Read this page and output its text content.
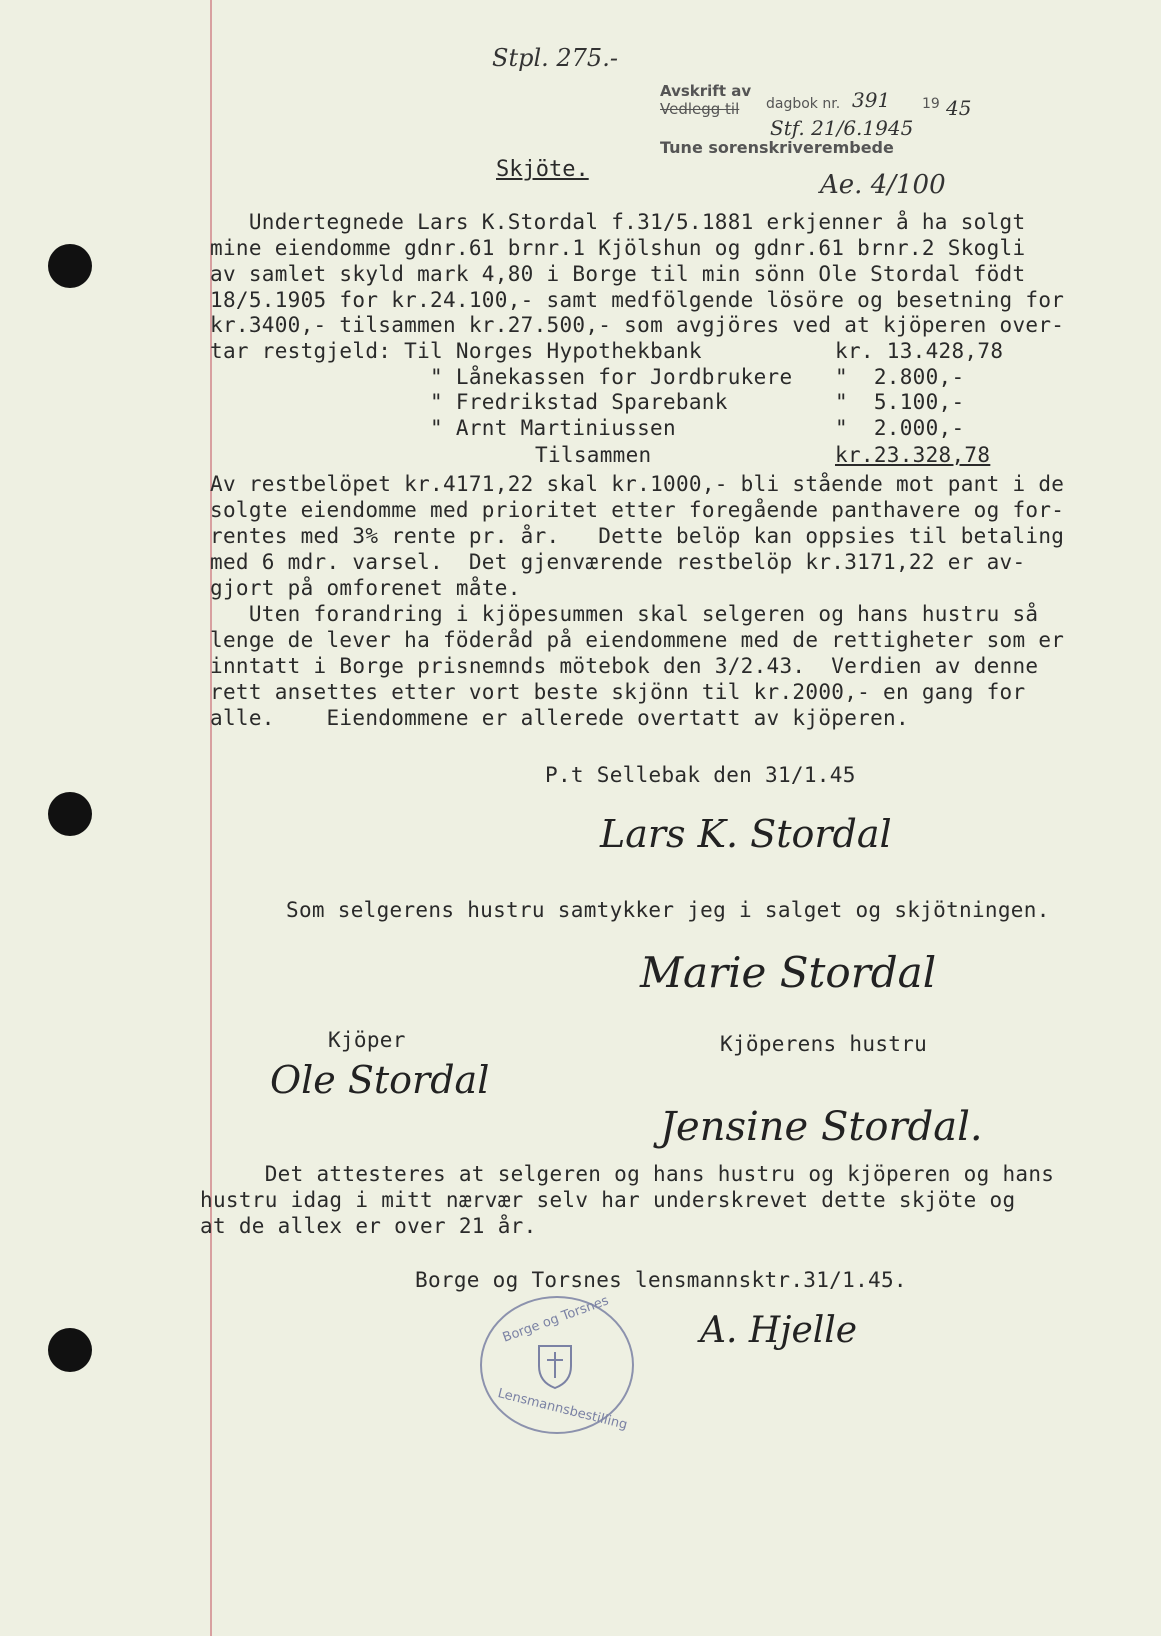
Stpl. 275.-
Avskrift av
Vedlegg til dagbok nr. 391 19 45
Stf. 21/6.1945
Tune sorenskriverembede
Ae. 4/100
Skjöte.
Undertegnede Lars K.Stordal f.31/5.1881 erkjenner å ha solgt
mine eiendomme gdnr.61 brnr.1 Kjölshun og gdnr.61 brnr.2 Skogli
av samlet skyld mark 4,80 i Borge til min sönn Ole Stordal födt
18/5.1905 for kr.24.100,- samt medfölgende lösöre og besetning for
kr.3400,- tilsammen kr.27.500,- som avgjöres ved at kjöperen over-
tar restgjeld: Til Norges Hypothekbank	kr. 13.428,78
" Lånekassen for Jordbrukere "  2.800,-
" Fredrikstad Sparebank	"  5.100,-
" Arnt Martiniussen	"  2.000,-
Tilsammen	kr.23.328,78
Av restbelöpet kr.4171,22 skal kr.1000,- bli stående mot pant i de
solgte eiendomme med prioritet etter foregående panthavere og for-
rentes med 3% rente pr. år.   Dette belöp kan oppsies til betaling
med 6 mdr. varsel.  Det gjenværende restbelöp kr.3171,22 er av-
gjort på omforenet måte.
Uten forandring i kjöpesummen skal selgeren og hans hustru så
lenge de lever ha föderåd på eiendommene med de rettigheter som er
inntatt i Borge prisnemnds mötebok den 3/2.43.  Verdien av denne
rett ansettes etter vort beste skjönn til kr.2000,- en gang for
alle.    Eiendommene er allerede overtatt av kjöperen.
P.t Sellebak den 31/1.45
Lars K. Stordal
Som selgerens hustru samtykker jeg i salget og skjötningen.
Marie Stordal
Kjöper	Kjöperens hustru
Ole Stordal
Jensine Stordal.
Det attesteres at selgeren og hans hustru og kjöperen og hans
hustru idag i mitt nærvær selv har underskrevet dette skjöte og
at de allex er over 21 år.
Borge og Torsnes lensmannsktr.31/1.45.
Borge og Torsnes
Lensmannsbestilling
A. Hjelle
